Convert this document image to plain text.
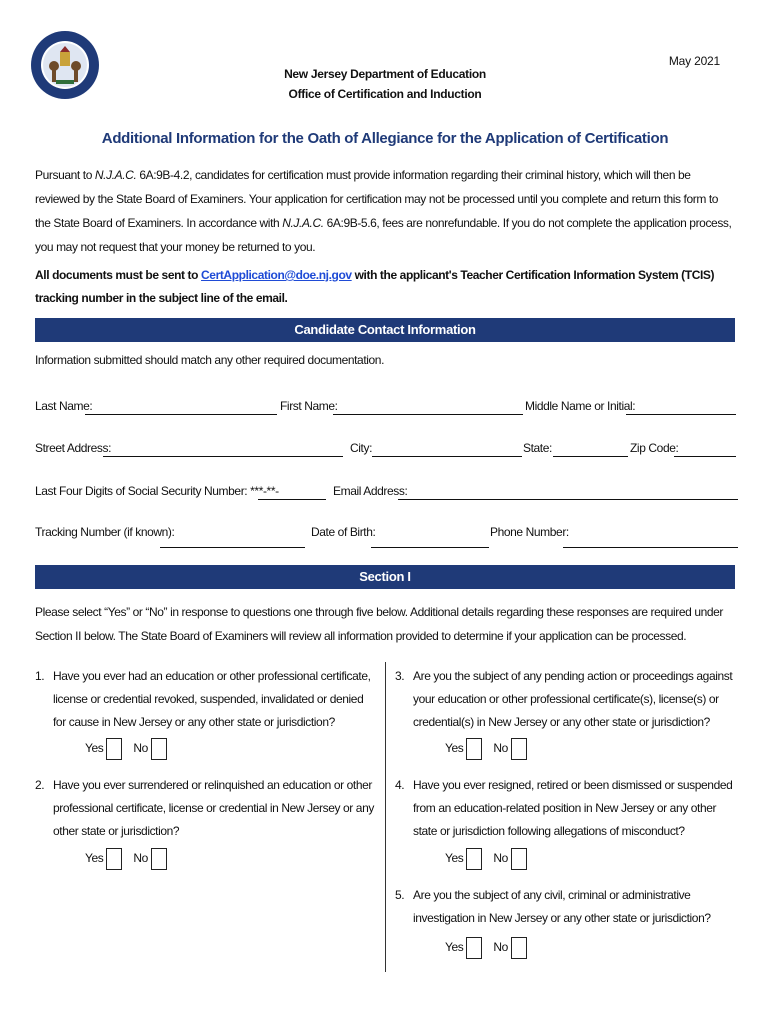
May 2021
New Jersey Department of Education
Office of Certification and Induction
Additional Information for the Oath of Allegiance for the Application of Certification
Pursuant to N.J.A.C. 6A:9B-4.2, candidates for certification must provide information regarding their criminal history, which will then be reviewed by the State Board of Examiners. Your application for certification may not be processed until you complete and return this form to the State Board of Examiners. In accordance with N.J.A.C. 6A:9B-5.6, fees are nonrefundable. If you do not complete the application process, you may not request that your money be returned to you.
All documents must be sent to CertApplication@doe.nj.gov with the applicant's Teacher Certification Information System (TCIS) tracking number in the subject line of the email.
Candidate Contact Information
Information submitted should match any other required documentation.
Last Name:	First Name:	Middle Name or Initial:
Street Address:	City:	State:	Zip Code:
Last Four Digits of Social Security Number: ***-**-	Email Address:
Tracking Number (if known):	Date of Birth:	Phone Number:
Section I
Please select “Yes” or “No” in response to questions one through five below. Additional details regarding these responses are required under Section II below. The State Board of Examiners will review all information provided to determine if your application can be processed.
1. Have you ever had an education or other professional certificate, license or credential revoked, suspended, invalidated or denied for cause in New Jersey or any other state or jurisdiction?
Yes No
2. Have you ever surrendered or relinquished an education or other professional certificate, license or credential in New Jersey or any other state or jurisdiction?
Yes No
3. Are you the subject of any pending action or proceedings against your education or other professional certificate(s), license(s) or credential(s) in New Jersey or any other state or jurisdiction?
Yes No
4. Have you ever resigned, retired or been dismissed or suspended from an education-related position in New Jersey or any other state or jurisdiction following allegations of misconduct?
Yes No
5. Are you the subject of any civil, criminal or administrative investigation in New Jersey or any other state or jurisdiction?
Yes No
